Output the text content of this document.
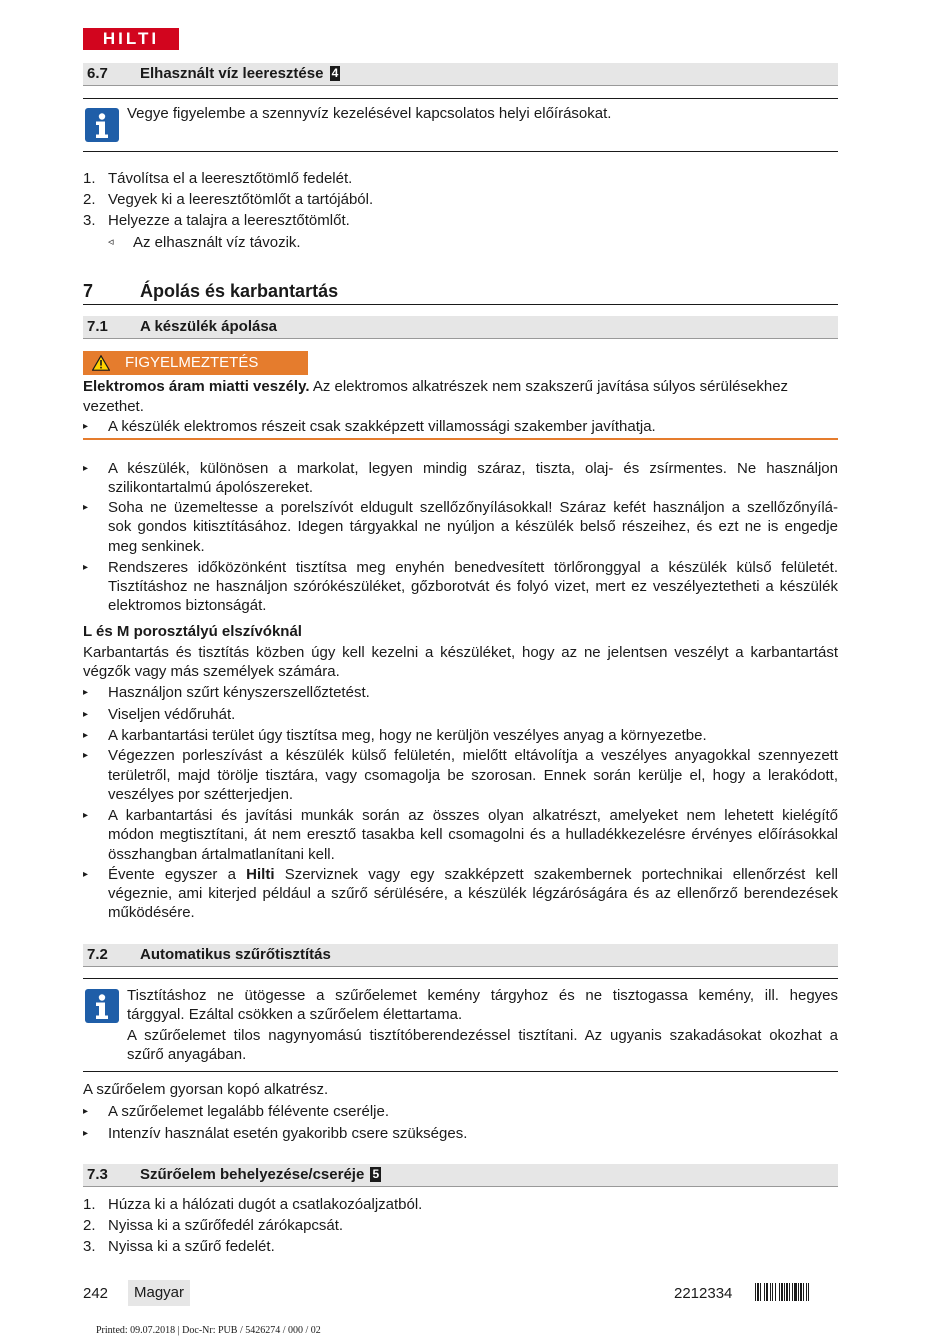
HILTI
6.7 Elhasznált víz leeresztése 4
Vegye figyelembe a szennyvíz kezelésével kapcsolatos helyi előírásokat.
1. Távolítsa el a leeresztőtömlő fedelét.
2. Vegyek ki a leeresztőtömlőt a tartójából.
3. Helyezze a talajra a leeresztőtömlőt.
◃ Az elhasznált víz távozik.
7	Ápolás és karbantartás
7.1 A készülék ápolása
FIGYELMEZTETÉS
Elektromos áram miatti veszély. Az elektromos alkatrészek nem szakszerű javítása súlyos sérülésekhez
vezethet.
▸ A készülék elektromos részeit csak szakképzett villamossági szakember javíthatja.
▸ A készülék, különösen a markolat, legyen mindig száraz, tiszta, olaj- és zsírmentes. Ne használjon
szilikontartalmú ápolószereket.
▸ Soha ne üzemeltesse a porelszívót eldugult szellőzőnyílásokkal! Száraz kefét használjon a szellőzőnyílá-
sok gondos kitisztításához. Idegen tárgyakkal ne nyúljon a készülék belső részeihez, és ezt ne is engedje
meg senkinek.
▸ Rendszeres időközönként tisztítsa meg enyhén benedvesített törlőronggyal a készülék külső felületét.
Tisztításhoz ne használjon szórókészüléket, gőzborotvát és folyó vizet, mert ez veszélyeztetheti a készülék
elektromos biztonságát.
L és M porosztályú elszívóknál
Karbantartás és tisztítás közben úgy kell kezelni a készüléket, hogy az ne jelentsen veszélyt a karbantartást
végzők vagy más személyek számára.
▸ Használjon szűrt kényszerszellőztetést.
▸ Viseljen védőruhát.
▸ A karbantartási terület úgy tisztítsa meg, hogy ne kerüljön veszélyes anyag a környezetbe.
▸ Végezzen porleszívást a készülék külső felületén, mielőtt eltávolítja a veszélyes anyagokkal szennyezett
területről, majd törölje tisztára, vagy csomagolja be szorosan. Ennek során kerülje el, hogy a lerakódott,
veszélyes por szétterjedjen.
▸ A karbantartási és javítási munkák során az összes olyan alkatrészt, amelyeket nem lehetett kielégítő
módon megtisztítani, át nem eresztő tasakba kell csomagolni és a hulladékkezelésre érvényes előírásokkal
összhangban ártalmatlanítani kell.
▸ Évente egyszer a Hilti Szerviznek vagy egy szakképzett szakembernek portechnikai ellenőrzést kell
végeznie, ami kiterjed például a szűrő sérülésére, a készülék légzáróságára és az ellenőrző berendezések
működésére.
7.2 Automatikus szűrőtisztítás
Tisztításhoz ne ütögesse a szűrőelemet kemény tárgyhoz és ne tisztogassa kemény, ill. hegyes
tárggyal. Ezáltal csökken a szűrőelem élettartama.
A szűrőelemet tilos nagynyomású tisztítóberendezéssel tisztítani. Az ugyanis szakadásokat okozhat a
szűrő anyagában.
A szűrőelem gyorsan kopó alkatrész.
▸ A szűrőelemet legalább félévente cserélje.
▸ Intenzív használat esetén gyakoribb csere szükséges.
7.3 Szűrőelem behelyezése/cseréje 5
1. Húzza ki a hálózati dugót a csatlakozóaljzatból.
2. Nyissa ki a szűrőfedél zárókapcsát.
3. Nyissa ki a szűrő fedelét.
242	Magyar	2212334
Printed: 09.07.2018 | Doc-Nr: PUB / 5426274 / 000 / 02
